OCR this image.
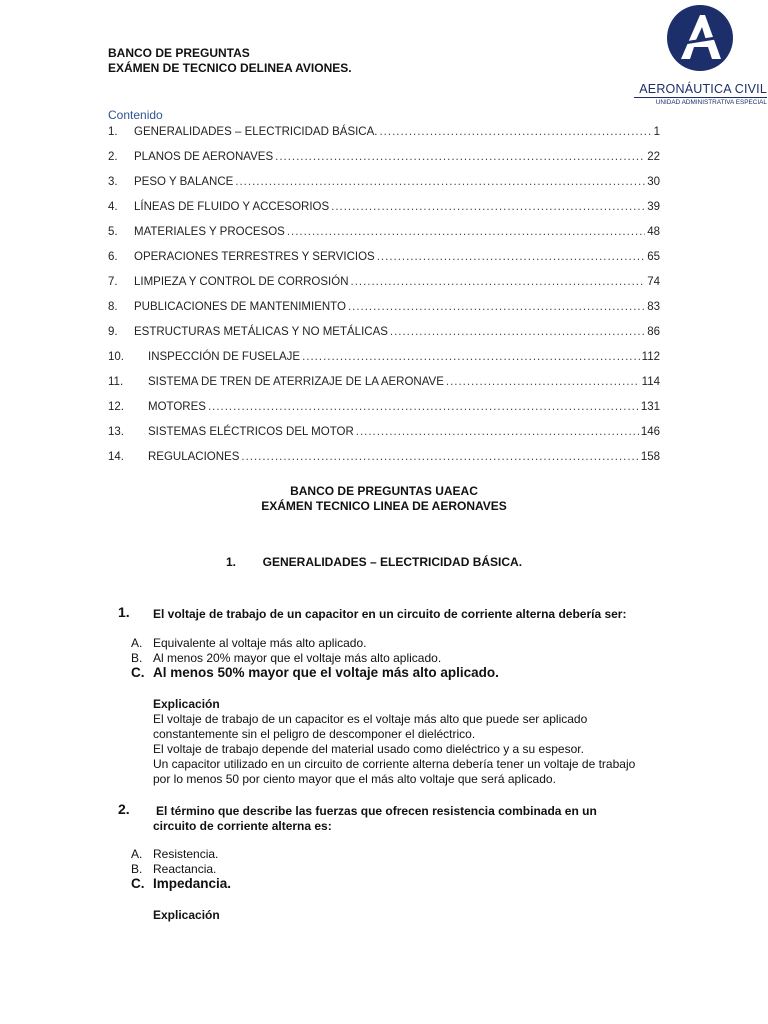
BANCO DE PREGUNTAS
EXÁMEN DE TECNICO DELINEA AVIONES.
AERONÁUTICA CIVIL
UNIDAD ADMINISTRATIVA ESPECIAL
Contenido
1.	GENERALIDADES – ELECTRICIDAD BÁSICA. .....	1
2.	PLANOS DE AERONAVES .....	22
3.	PESO Y BALANCE .....	30
4.	LÍNEAS DE FLUIDO Y ACCESORIOS .....	39
5.	MATERIALES Y PROCESOS .....	48
6.	OPERACIONES TERRESTRES Y SERVICIOS .....	65
7.	LIMPIEZA Y CONTROL DE CORROSIÓN .....	74
8.	PUBLICACIONES DE MANTENIMIENTO .....	83
9.	ESTRUCTURAS METÁLICAS Y NO METÁLICAS .....	86
10.	INSPECCIÓN DE FUSELAJE .....	112
11.	SISTEMA DE TREN DE ATERRIZAJE DE LA AERONAVE .....	114
12.	MOTORES .....	131
13.	SISTEMAS ELÉCTRICOS DEL MOTOR .....	146
14.	REGULACIONES .....	158
BANCO DE PREGUNTAS UAEAC
EXÁMEN TECNICO LINEA DE AERONAVES
1. GENERALIDADES – ELECTRICIDAD BÁSICA.
1. El voltaje de trabajo de un capacitor en un circuito de corriente alterna debería ser:
A. Equivalente al voltaje más alto aplicado.
B. Al menos 20% mayor que el voltaje más alto aplicado.
C. Al menos 50% mayor que el voltaje más alto aplicado.
Explicación
El voltaje de trabajo de un capacitor es el voltaje más alto que puede ser aplicado
constantemente sin el peligro de descomponer el dieléctrico.
El voltaje de trabajo depende del material usado como dieléctrico y a su espesor.
Un capacitor utilizado en un circuito de corriente alterna debería tener un voltaje de trabajo
por lo menos 50 por ciento mayor que el más alto voltaje que será aplicado.
2. El término que describe las fuerzas que ofrecen resistencia combinada en un
circuito de corriente alterna es:
A. Resistencia.
B. Reactancia.
C. Impedancia.
Explicación
